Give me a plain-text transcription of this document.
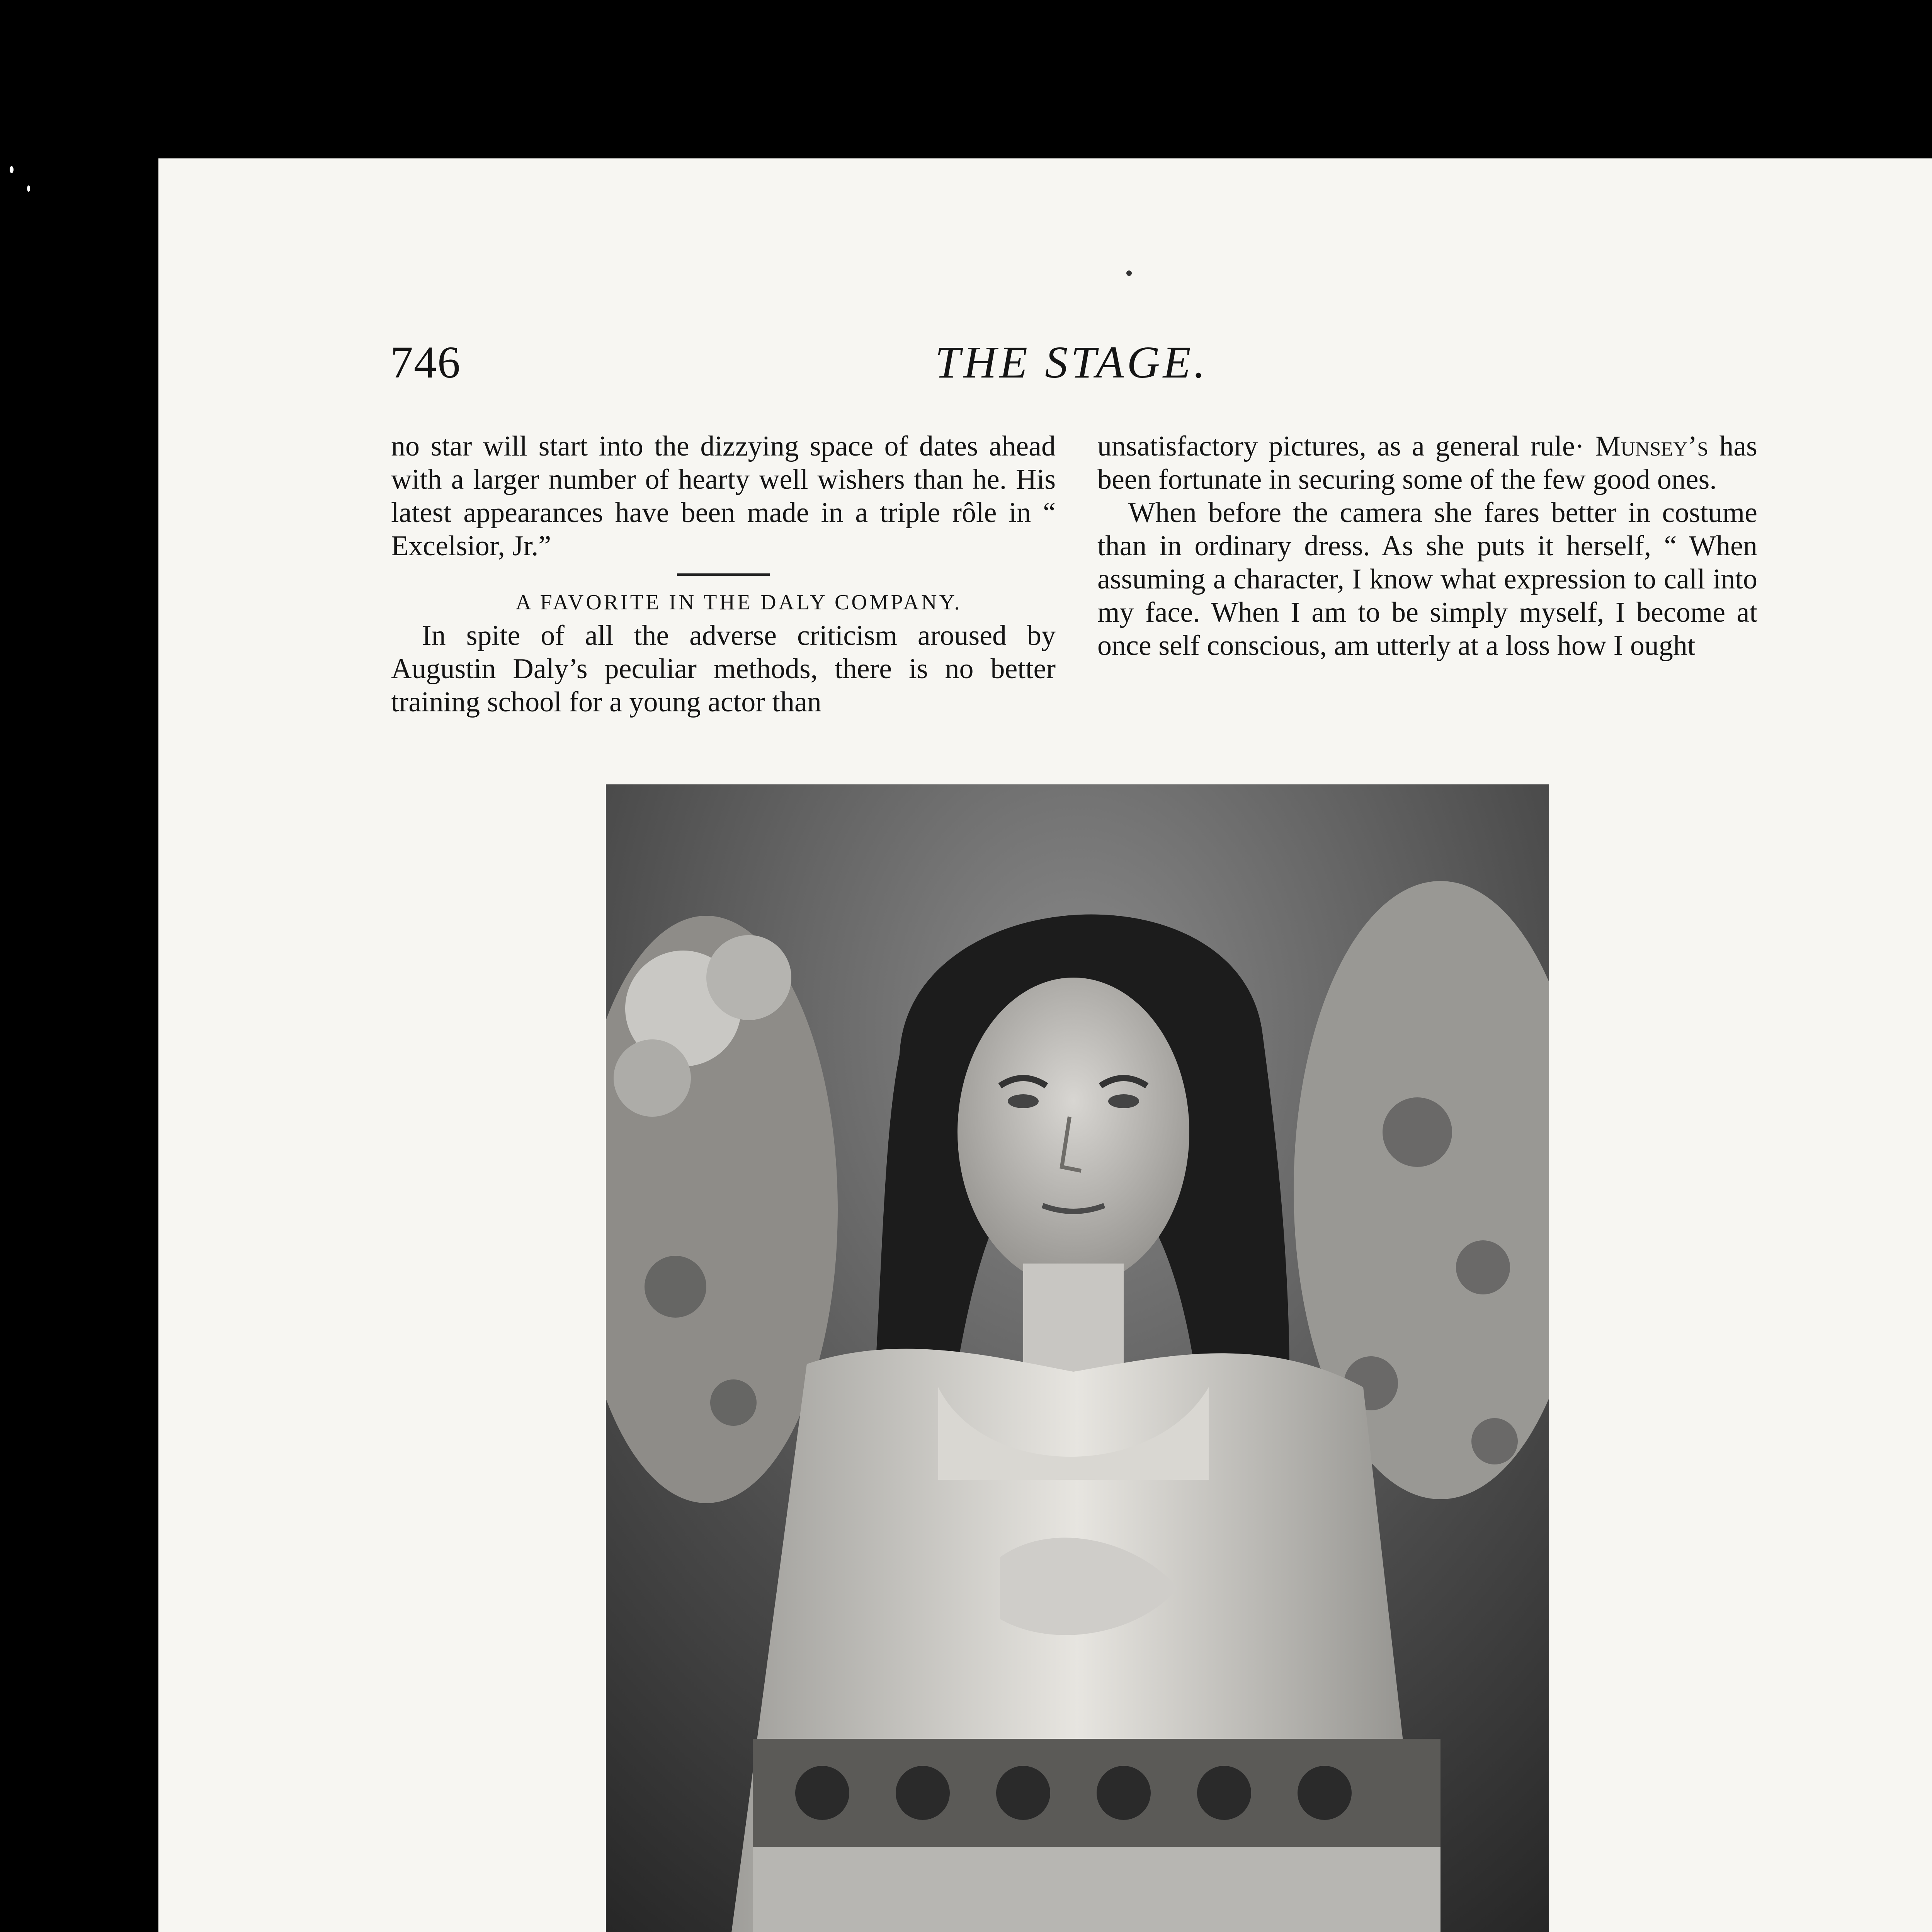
746	THE STAGE.

no star will start into the dizzying space of dates ahead with a larger number of hearty well wishers than he. His latest appearances have been made in a triple rôle in “ Excelsior, Jr.”

A FAVORITE IN THE DALY COMPANY.

In spite of all the adverse criticism aroused by Augustin Daly’s peculiar methods, there is no better training school for a young actor than

unsatisfactory pictures, as a general rule· Munsey’s has been fortunate in securing some of the few good ones.

When before the camera she fares better in costume than in ordinary dress. As she puts it herself, “ When assuming a character, I know what expression to call into my face. When I am to be simply myself, I become at once self conscious, am utterly at a loss how I ought
